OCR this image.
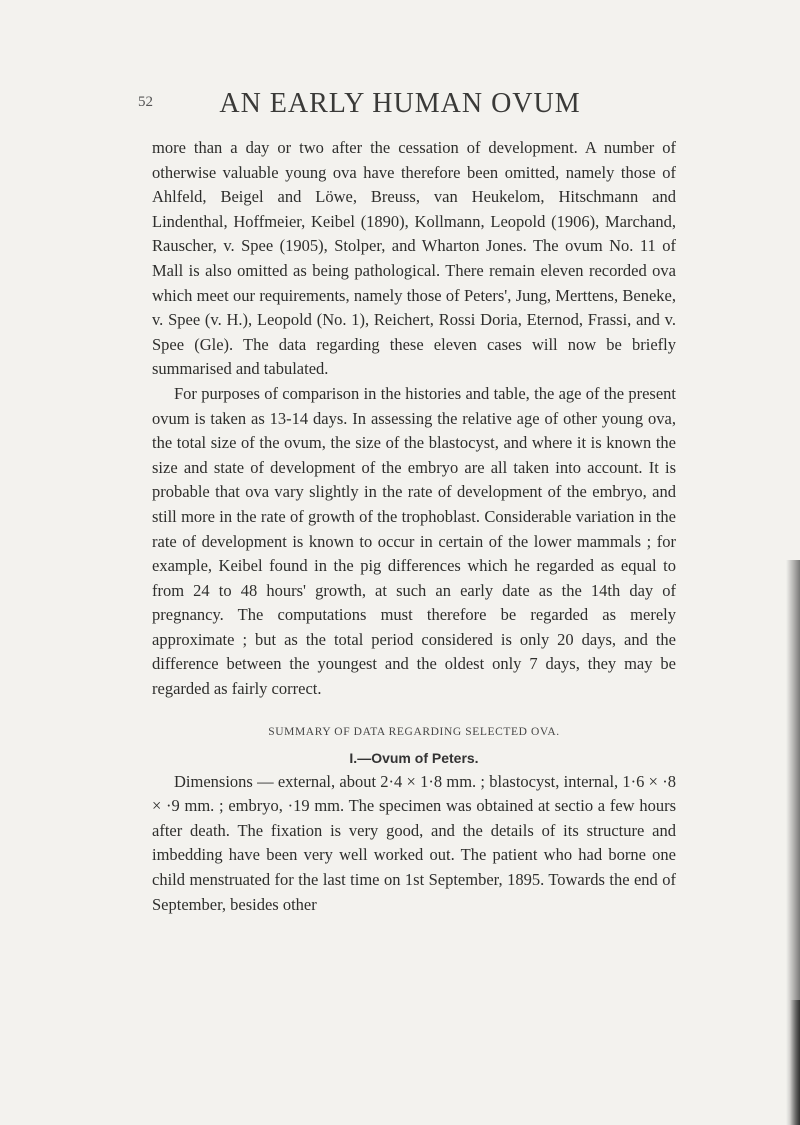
52	AN EARLY HUMAN OVUM

more than a day or two after the cessation of development. A number of otherwise valuable young ova have therefore been omitted, namely those of Ahlfeld, Beigel and Löwe, Breuss, van Heukelom, Hitschmann and Lindenthal, Hoffmeier, Keibel (1890), Kollmann, Leopold (1906), Marchand, Rauscher, v. Spee (1905), Stolper, and Wharton Jones. The ovum No. 11 of Mall is also omitted as being pathological. There remain eleven recorded ova which meet our requirements, namely those of Peters', Jung, Merttens, Beneke, v. Spee (v. H.), Leopold (No. 1), Reichert, Rossi Doria, Eternod, Frassi, and v. Spee (Gle). The data regarding these eleven cases will now be briefly summarised and tabulated.

For purposes of comparison in the histories and table, the age of the present ovum is taken as 13-14 days. In assessing the relative age of other young ova, the total size of the ovum, the size of the blastocyst, and where it is known the size and state of development of the embryo are all taken into account. It is probable that ova vary slightly in the rate of development of the embryo, and still more in the rate of growth of the trophoblast. Considerable variation in the rate of development is known to occur in certain of the lower mammals ; for example, Keibel found in the pig differences which he regarded as equal to from 24 to 48 hours' growth, at such an early date as the 14th day of pregnancy. The computations must therefore be regarded as merely approximate ; but as the total period considered is only 20 days, and the difference between the youngest and the oldest only 7 days, they may be regarded as fairly correct.

SUMMARY OF DATA REGARDING SELECTED OVA.

I.—Ovum of Peters.

Dimensions — external, about 2·4 × 1·8 mm. ; blastocyst, internal, 1·6 × ·8 × ·9 mm. ; embryo, ·19 mm. The specimen was obtained at sectio a few hours after death. The fixation is very good, and the details of its structure and imbedding have been very well worked out. The patient who had borne one child menstruated for the last time on 1st September, 1895. Towards the end of September, besides other
